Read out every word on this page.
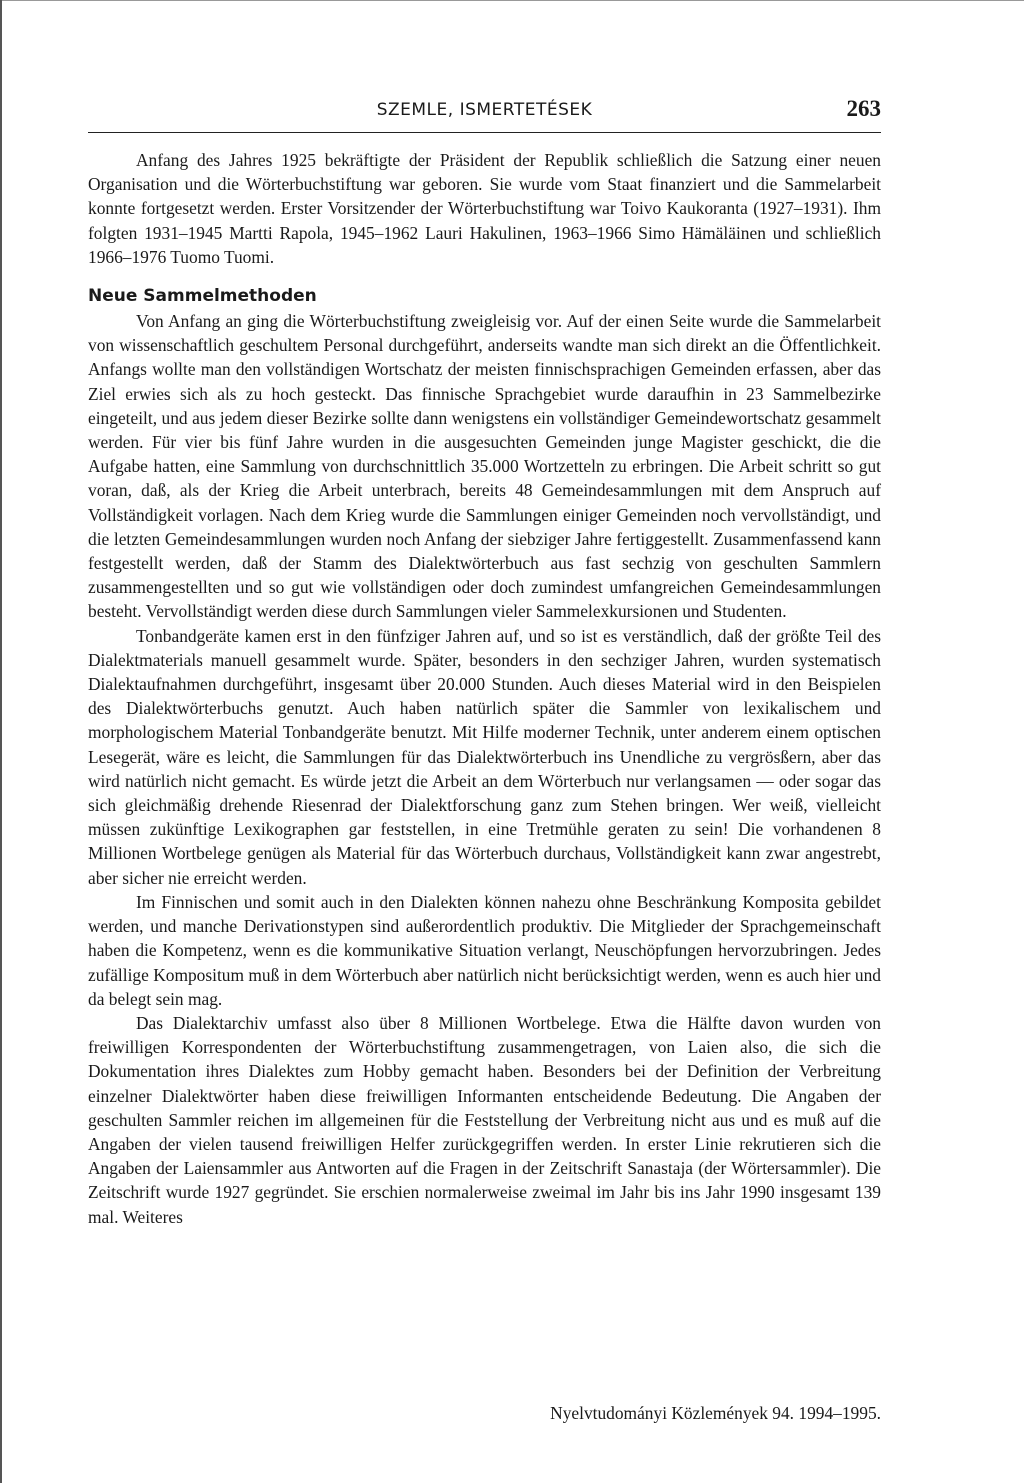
SZEMLE, ISMERTETÉSEK	263

Anfang des Jahres 1925 bekräftigte der Präsident der Republik schließlich die Satzung einer neuen Organisation und die Wörterbuchstiftung war geboren. Sie wurde vom Staat finanziert und die Sammelarbeit konnte fortgesetzt werden. Erster Vorsitzender der Wörterbuchstiftung war Toivo Kaukoranta (1927–1931). Ihm folgten 1931–1945 Martti Rapola, 1945–1962 Lauri Hakulinen, 1963–1966 Simo Hämäläinen und schließlich 1966–1976 Tuomo Tuomi.

Neue Sammelmethoden

Von Anfang an ging die Wörterbuchstiftung zweigleisig vor. Auf der einen Seite wurde die Sammelarbeit von wissenschaftlich geschultem Personal durchgeführt, anderseits wandte man sich direkt an die Öffentlichkeit. Anfangs wollte man den vollständigen Wortschatz der meisten finnischsprachigen Gemeinden erfassen, aber das Ziel erwies sich als zu hoch gesteckt. Das finnische Sprachgebiet wurde daraufhin in 23 Sammelbezirke eingeteilt, und aus jedem dieser Bezirke sollte dann wenigstens ein vollständiger Gemeindewortschatz gesammelt werden. Für vier bis fünf Jahre wurden in die ausgesuchten Gemeinden junge Magister geschickt, die die Aufgabe hatten, eine Sammlung von durchschnittlich 35.000 Wortzetteln zu erbringen. Die Arbeit schritt so gut voran, daß, als der Krieg die Arbeit unterbrach, bereits 48 Gemeindesammlungen mit dem Anspruch auf Vollständigkeit vorlagen. Nach dem Krieg wurde die Sammlungen einiger Gemeinden noch vervollständigt, und die letzten Gemeindesammlungen wurden noch Anfang der siebziger Jahre fertiggestellt. Zusammenfassend kann festgestellt werden, daß der Stamm des Dialektwörterbuch aus fast sechzig von geschulten Sammlern zusammengestellten und so gut wie vollständigen oder doch zumindest umfangreichen Gemeindesammlungen besteht. Vervollständigt werden diese durch Sammlungen vieler Sammelexkursionen und Studenten.

Tonbandgeräte kamen erst in den fünfziger Jahren auf, und so ist es verständlich, daß der größte Teil des Dialektmaterials manuell gesammelt wurde. Später, besonders in den sechziger Jahren, wurden systematisch Dialektaufnahmen durchgeführt, insgesamt über 20.000 Stunden. Auch dieses Material wird in den Beispielen des Dialektwörterbuchs genutzt. Auch haben natürlich später die Sammler von lexikalischem und morphologischem Material Tonbandgeräte benutzt. Mit Hilfe moderner Technik, unter anderem einem optischen Lesegerät, wäre es leicht, die Sammlungen für das Dialektwörterbuch ins Unendliche zu vergrösßern, aber das wird natürlich nicht gemacht. Es würde jetzt die Arbeit an dem Wörterbuch nur verlangsamen — oder sogar das sich gleichmäßig drehende Riesenrad der Dialektforschung ganz zum Stehen bringen. Wer weiß, vielleicht müssen zukünftige Lexikographen gar feststellen, in eine Tretmühle geraten zu sein! Die vorhandenen 8 Millionen Wortbelege genügen als Material für das Wörterbuch durchaus, Vollständigkeit kann zwar angestrebt, aber sicher nie erreicht werden.

Im Finnischen und somit auch in den Dialekten können nahezu ohne Beschränkung Komposita gebildet werden, und manche Derivationstypen sind außerordentlich produktiv. Die Mitglieder der Sprachgemeinschaft haben die Kompetenz, wenn es die kommunikative Situation verlangt, Neuschöpfungen hervorzubringen. Jedes zufällige Kompositum muß in dem Wörterbuch aber natürlich nicht berücksichtigt werden, wenn es auch hier und da belegt sein mag.

Das Dialektarchiv umfasst also über 8 Millionen Wortbelege. Etwa die Hälfte davon wurden von freiwilligen Korrespondenten der Wörterbuchstiftung zusammengetragen, von Laien also, die sich die Dokumentation ihres Dialektes zum Hobby gemacht haben. Besonders bei der Definition der Verbreitung einzelner Dialektwörter haben diese freiwilligen Informanten entscheidende Bedeutung. Die Angaben der geschulten Sammler reichen im allgemeinen für die Feststellung der Verbreitung nicht aus und es muß auf die Angaben der vielen tausend freiwilligen Helfer zurückgegriffen werden. In erster Linie rekrutieren sich die Angaben der Laiensammler aus Antworten auf die Fragen in der Zeitschrift Sanastaja (der Wörtersammler). Die Zeitschrift wurde 1927 gegründet. Sie erschien normalerweise zweimal im Jahr bis ins Jahr 1990 insgesamt 139 mal. Weiteres

Nyelvtudományi Közlemények 94. 1994–1995.
